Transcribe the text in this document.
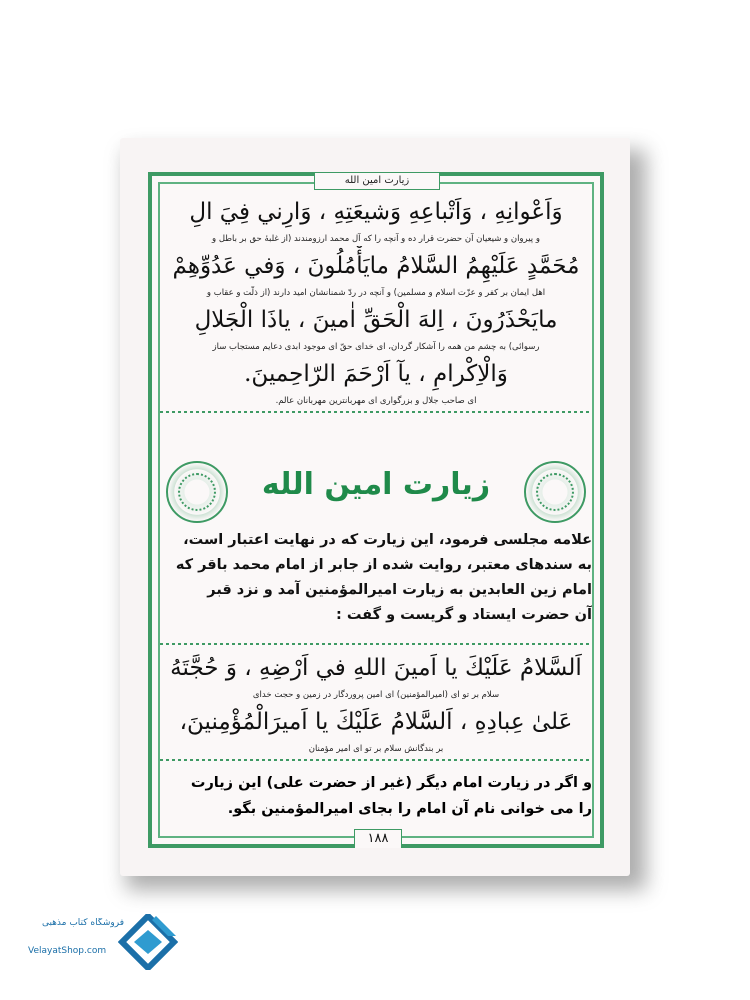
زیارت امین الله
وَاَعْوانِهِ ، وَاَتْباعِهِ وَشیعَتِهِ ، وَارِني فِيَ الِ
و پیروان و شیعیان آن حضرت قرار ده و آنچه را که آل محمد ارزومندند (از غلبهٔ حق بر باطل و
مُحَمَّدٍ عَلَيْهِمُ السَّلامُ مايَأْمُلُونَ ، وَفي عَدُوِّهِمْ
اهل ایمان بر کفر و عزّت اسلام و مسلمین) و آنچه در ردّ شمنانشان امید دارند (از ذلّت و عقاب و
مايَحْذَرُونَ ، اِلهَ الْحَقِّ اٰمينَ ، ياذَا الْجَلالِ
رسوائی) به چشم من همه را آشکار گردان، ای خدای حقّ ای موجود ابدی دعایم مستجاب ساز
وَالْاِكْرامِ ، يآ اَرْحَمَ الرّاحِمينَ.
ای صاحب جلال و بزرگواری ای مهربانترین مهربانان عالم.
زیارت امین الله
علامه مجلسی فرمود، این زیارت که در نهایت اعتبار است،
به سندهای معتبر، روایت شده از جابر از امام محمد باقر که
امام زین العابدین به زیارت امیرالمؤمنین آمد و نزد قبر
آن حضرت ایستاد و گریست و گفت :
اَلسَّلامُ عَلَيْكَ يا اَمينَ اللهِ في اَرْضِهِ ، وَ حُجَّتَهُ
سلام بر تو ای (امیرالمؤمنین) ای امین پروردگار در زمین و حجت خدای
عَلىٰ عِبادِهِ ، اَلسَّلامُ عَلَيْكَ يا اَميرَالْمُؤْمِنينَ،
بر بندگانش سلام بر تو ای امیر مؤمنان
و اگر در زیارت امام دیگر (غیر از حضرت علی) این زیارت
را می خوانی نام آن امام را بجای امیرالمؤمنین بگو.
۱۸۸
فروشگاه کتاب مذهبی
VelayatShop.com
